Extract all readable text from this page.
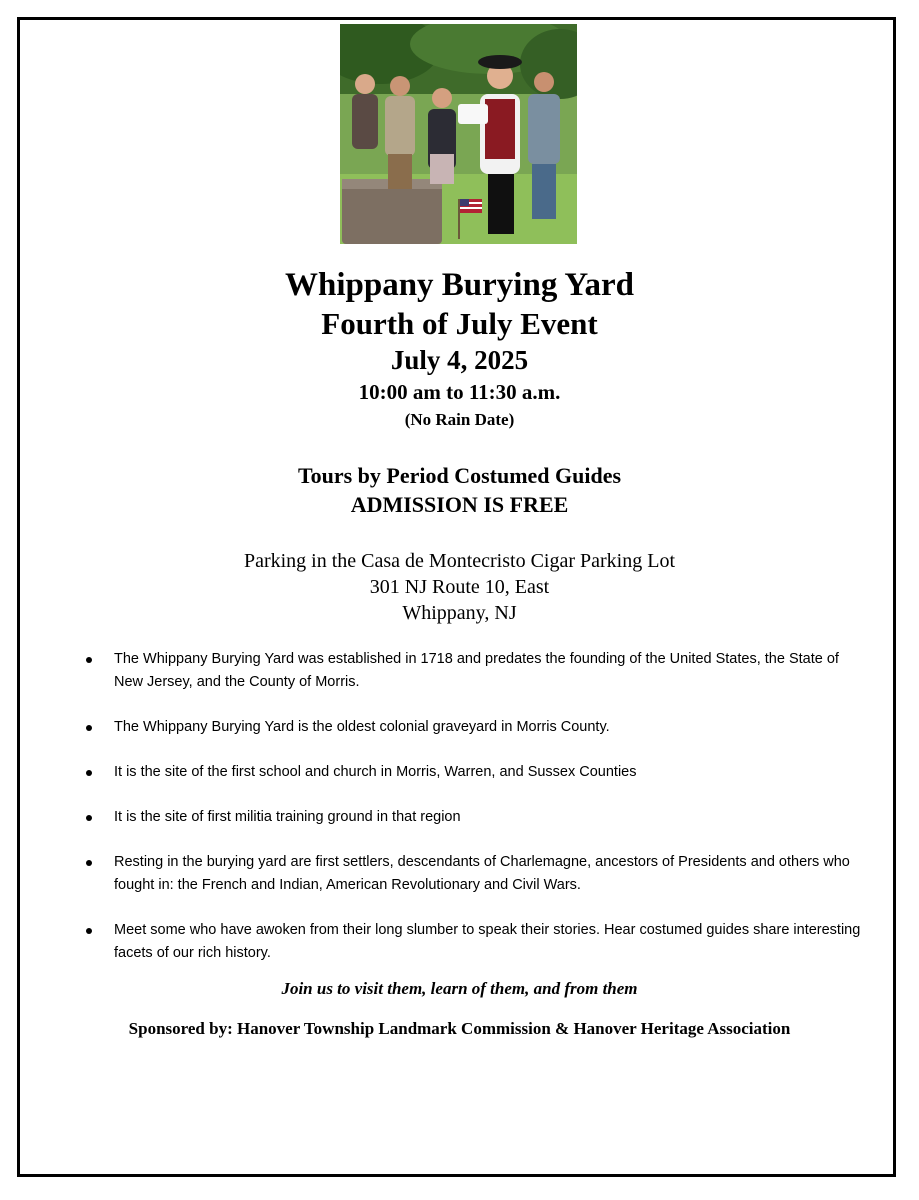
Whippany Burying Yard
Fourth of July Event
July 4, 2025
10:00 am to 11:30 a.m.
(No Rain Date)
Tours by Period Costumed Guides
ADMISSION IS FREE
Parking in the Casa de Montecristo Cigar Parking Lot
301 NJ Route 10, East
Whippany, NJ
The Whippany Burying Yard was established in 1718 and predates the founding of the United States, the State of New Jersey, and the County of Morris.
The Whippany Burying Yard is the oldest colonial graveyard in Morris County.
It is the site of the first school and church in Morris, Warren, and Sussex Counties
It is the site of first militia training ground in that region
Resting in the burying yard are first settlers, descendants of Charlemagne, ancestors of Presidents and others who fought in: the French and Indian, American Revolutionary and Civil Wars.
Meet some who have awoken from their long slumber to speak their stories. Hear costumed guides share interesting facets of our rich history.
Join us to visit them, learn of them, and from them
Sponsored by: Hanover Township Landmark Commission & Hanover Heritage Association
